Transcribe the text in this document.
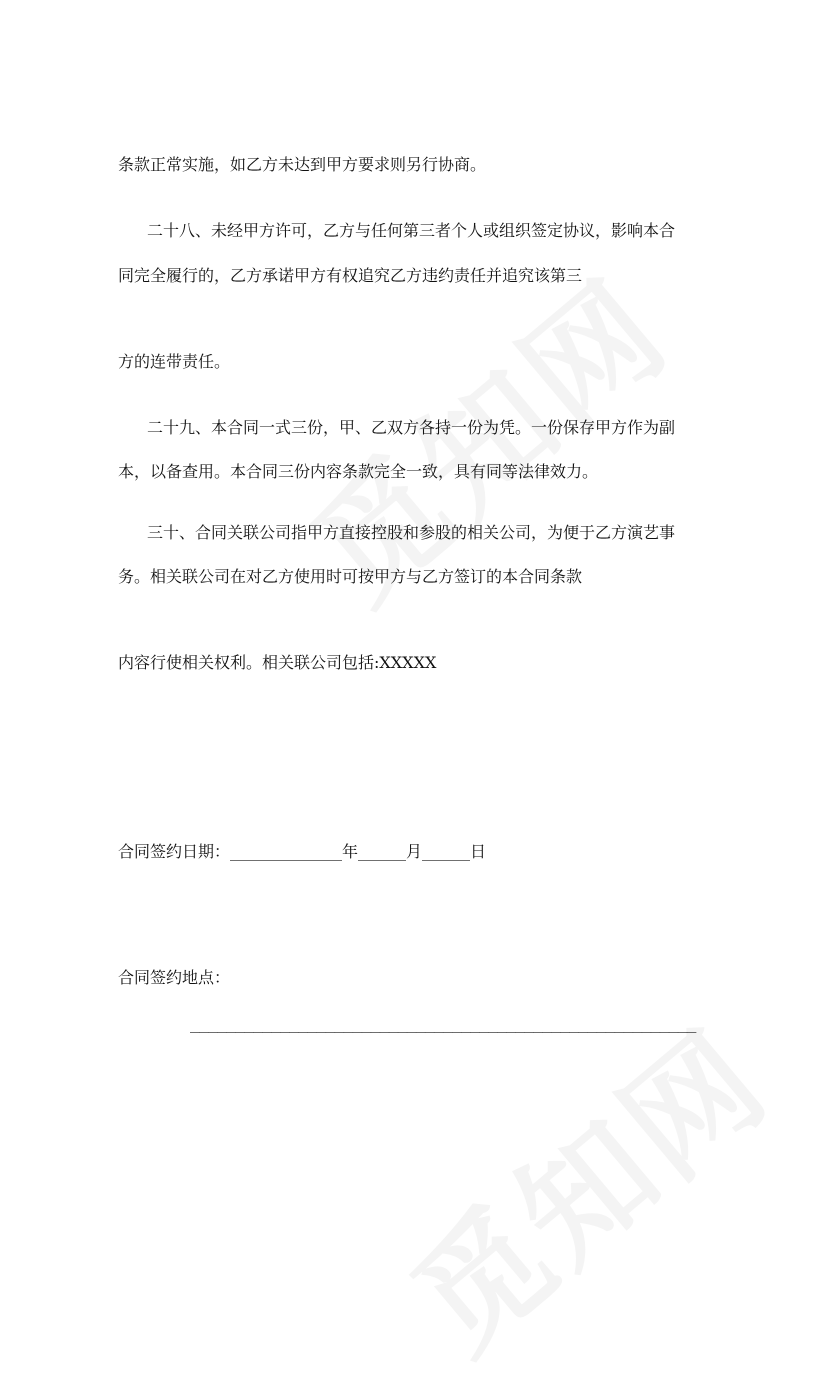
条款正常实施，如乙方未达到甲方要求则另行协商。
二十八、未经甲方许可，乙方与任何第三者个人或组织签定协议，影响本合
同完全履行的，乙方承诺甲方有权追究乙方违约责任并追究该第三
方的连带责任。
二十九、本合同一式三份，甲、乙双方各持一份为凭。一份保存甲方作为副
本，以备查用。本合同三份内容条款完全一致，具有同等法律效力。
三十、合同关联公司指甲方直接控股和参股的相关公司，为便于乙方演艺事
务。相关联公司在对乙方使用时可按甲方与乙方签订的本合同条款
内容行使相关权利。相关联公司包括:XXXXX
合同签约日期：______________年______月______日
合同签约地点：
________________________________________________________
